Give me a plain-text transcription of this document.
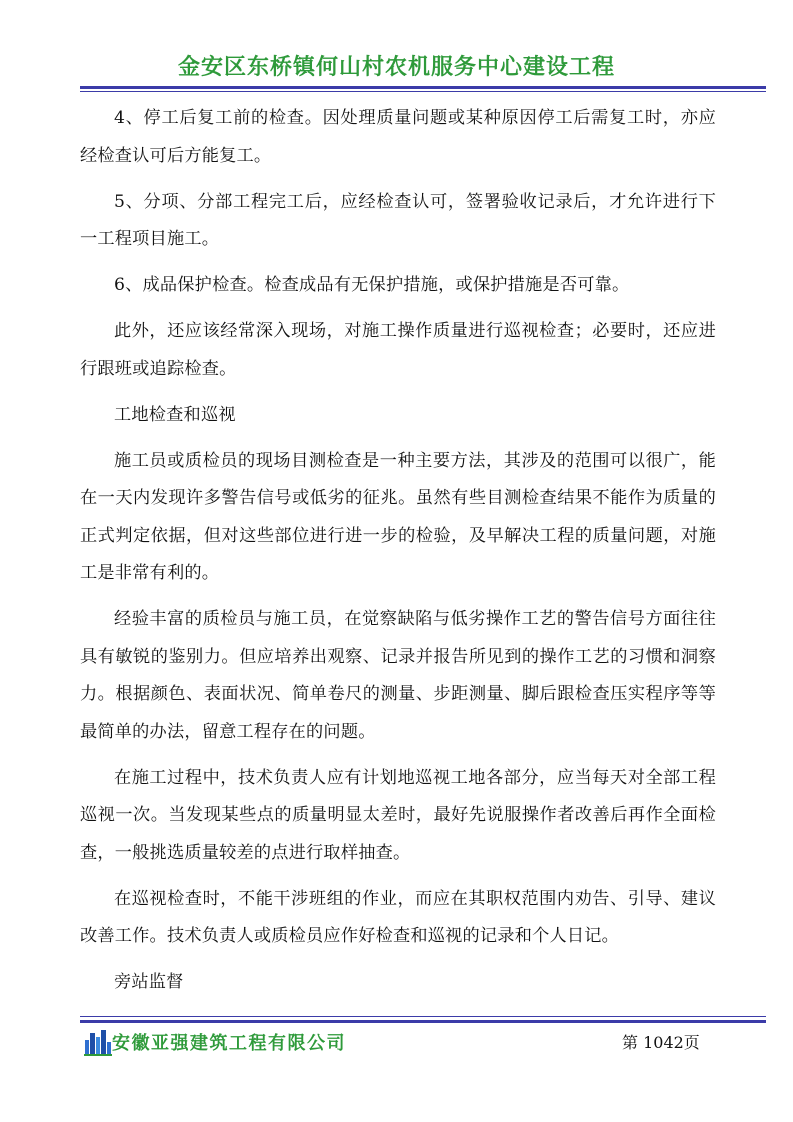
金安区东桥镇何山村农机服务中心建设工程

4、停工后复工前的检查。因处理质量问题或某种原因停工后需复工时，亦应经检查认可后方能复工。

5、分项、分部工程完工后，应经检查认可，签署验收记录后，才允许进行下一工程项目施工。

6、成品保护检查。检查成品有无保护措施，或保护措施是否可靠。

此外，还应该经常深入现场，对施工操作质量进行巡视检查；必要时，还应进行跟班或追踪检查。

工地检查和巡视

施工员或质检员的现场目测检查是一种主要方法，其涉及的范围可以很广，能在一天内发现许多警告信号或低劣的征兆。虽然有些目测检查结果不能作为质量的正式判定依据，但对这些部位进行进一步的检验，及早解决工程的质量问题，对施工是非常有利的。

经验丰富的质检员与施工员，在觉察缺陷与低劣操作工艺的警告信号方面往往具有敏锐的鉴别力。但应培养出观察、记录并报告所见到的操作工艺的习惯和洞察力。根据颜色、表面状况、简单卷尺的测量、步距测量、脚后跟检查压实程序等等最简单的办法，留意工程存在的问题。

在施工过程中，技术负责人应有计划地巡视工地各部分，应当每天对全部工程巡视一次。当发现某些点的质量明显太差时，最好先说服操作者改善后再作全面检查，一般挑选质量较差的点进行取样抽查。

在巡视检查时，不能干涉班组的作业，而应在其职权范围内劝告、引导、建议改善工作。技术负责人或质检员应作好检查和巡视的记录和个人日记。

旁站监督

安徽亚强建筑工程有限公司	第 1042页
